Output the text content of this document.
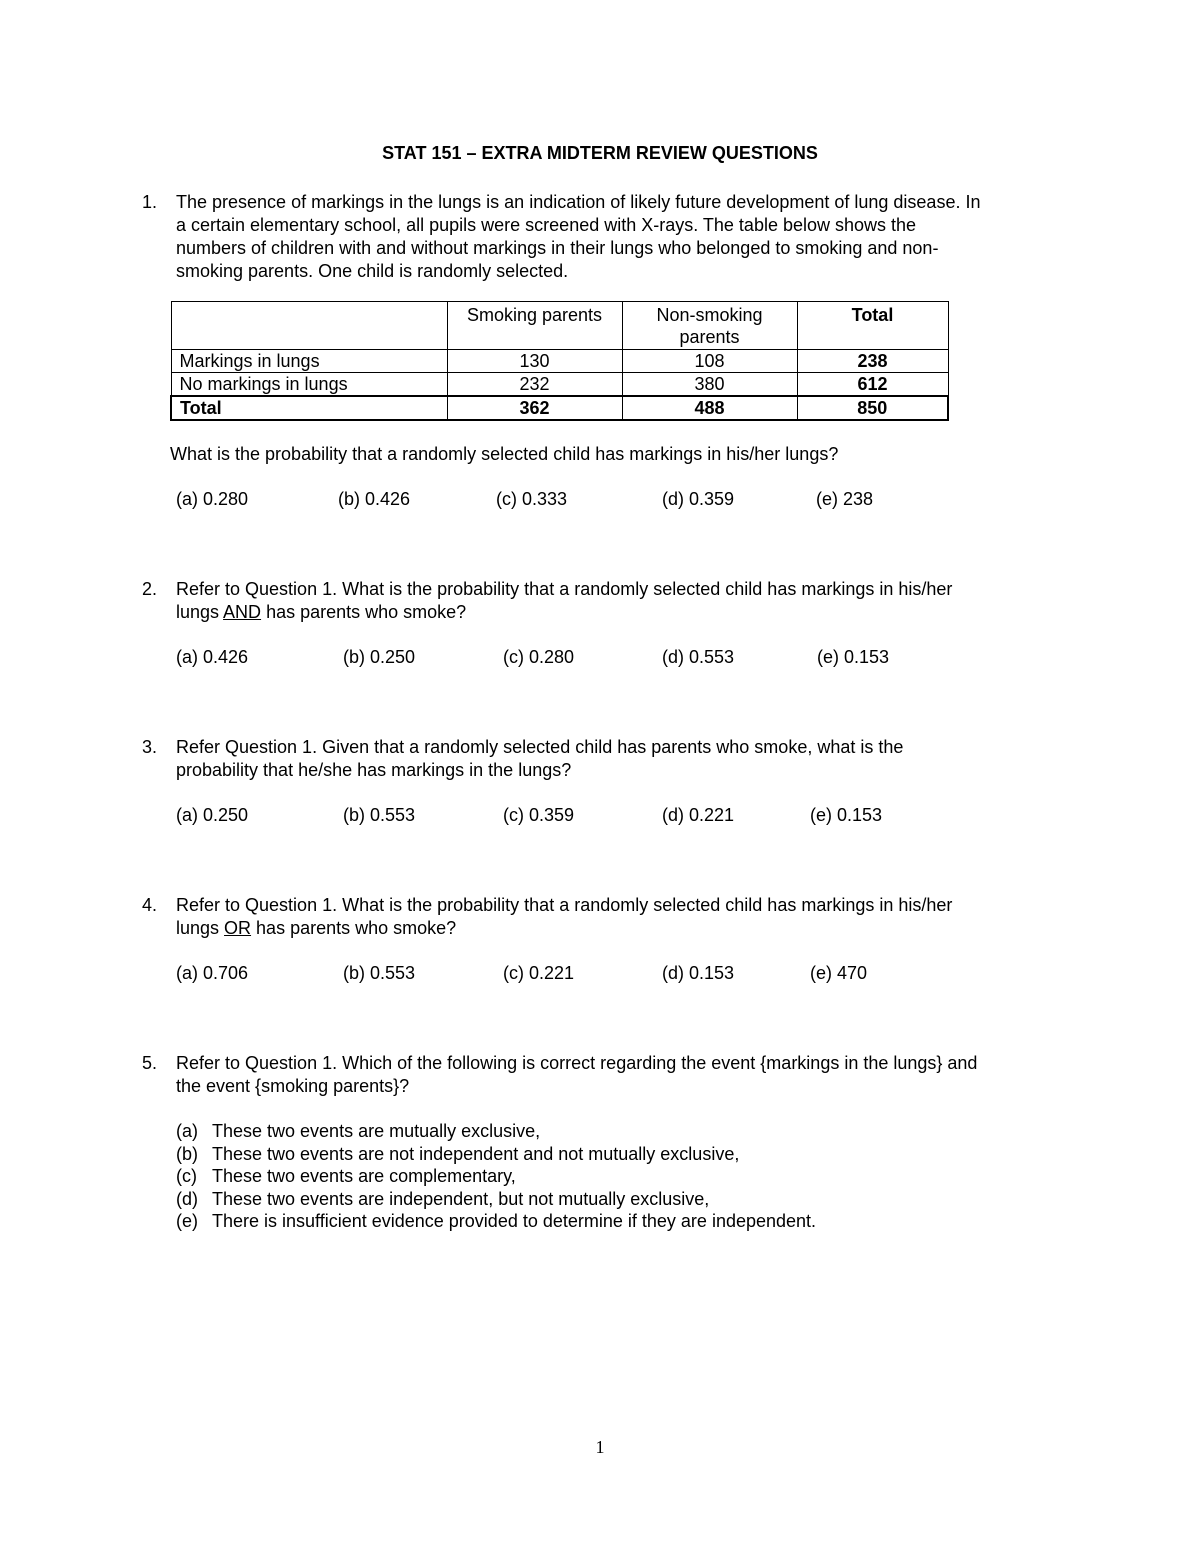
STAT 151 – EXTRA MIDTERM REVIEW QUESTIONS
1.	The presence of markings in the lungs is an indication of likely future development of lung disease. In
a certain elementary school, all pupils were screened with X-rays. The table below shows the
numbers of children with and without markings in their lungs who belonged to smoking and non-
smoking parents. One child is randomly selected.
	Smoking parents	Non-smoking parents	Total
Markings in lungs	130	108	238
No markings in lungs	232	380	612
Total	362	488	850
What is the probability that a randomly selected child has markings in his/her lungs?
(a) 0.280	(b) 0.426	(c) 0.333	(d) 0.359	(e) 238
2.	Refer to Question 1. What is the probability that a randomly selected child has markings in his/her
lungs AND has parents who smoke?
(a) 0.426	(b) 0.250	(c) 0.280	(d) 0.553	(e) 0.153
3.	Refer Question 1. Given that a randomly selected child has parents who smoke, what is the
probability that he/she has markings in the lungs?
(a) 0.250	(b) 0.553	(c) 0.359	(d) 0.221	(e) 0.153
4.	Refer to Question 1. What is the probability that a randomly selected child has markings in his/her
lungs OR has parents who smoke?
(a) 0.706	(b) 0.553	(c) 0.221	(d) 0.153	(e) 470
5.	Refer to Question 1. Which of the following is correct regarding the event {markings in the lungs} and
the event {smoking parents}?
(a) These two events are mutually exclusive,
(b) These two events are not independent and not mutually exclusive,
(c) These two events are complementary,
(d) These two events are independent, but not mutually exclusive,
(e) There is insufficient evidence provided to determine if they are independent.
1
